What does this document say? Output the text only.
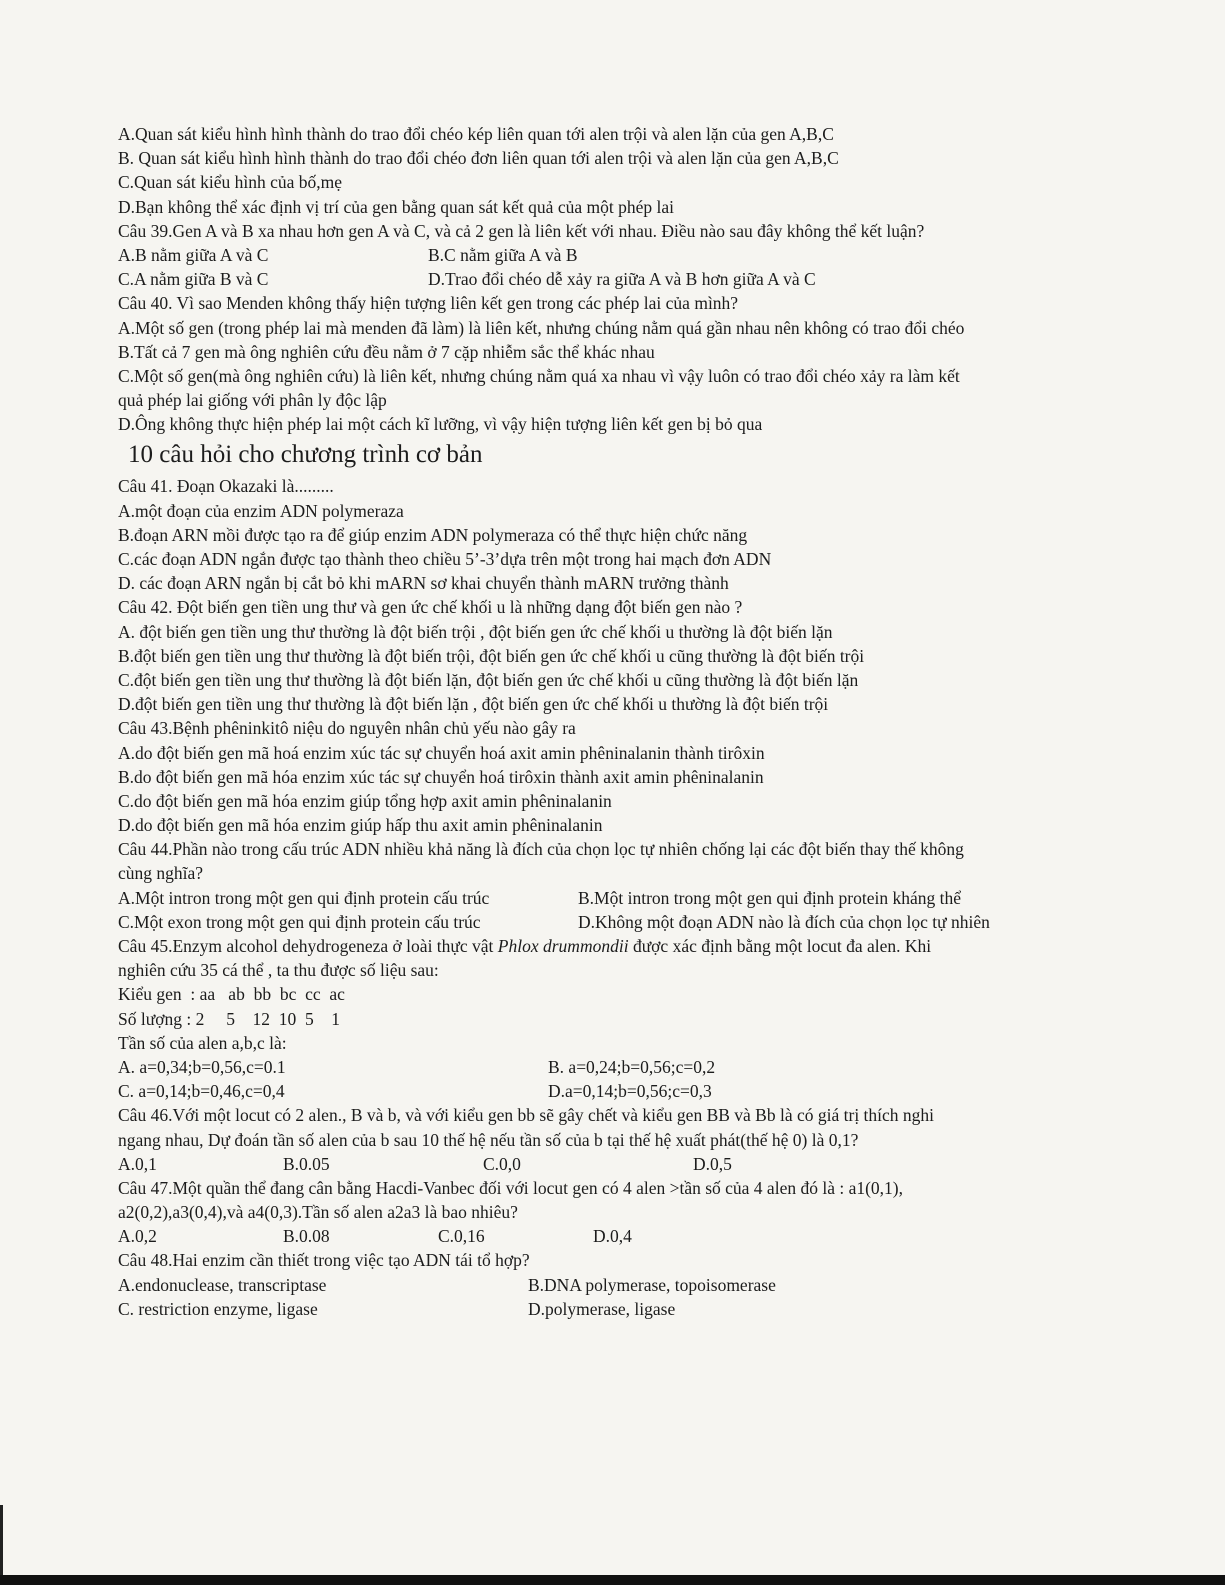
A.Quan sát kiểu hình hình thành do trao đổi chéo kép liên quan tới alen trội và alen lặn của gen A,B,C
B. Quan sát kiểu hình hình thành do trao đổi chéo đơn liên quan tới alen trội và alen lặn của gen A,B,C
C.Quan sát kiểu hình của bố,mẹ
D.Bạn không thể xác định vị trí của gen bằng quan sát kết quả của một phép lai
Câu 39.Gen A và B xa nhau hơn gen A và C, và cả 2 gen là liên kết với nhau. Điều nào sau đây không thể kết luận?
A.B nằm giữa A và C	B.C nằm giữa A và B
C.A nằm giữa B và C	D.Trao đổi chéo dễ xảy ra giữa A và B hơn giữa A và C
Câu 40. Vì sao Menden không thấy hiện tượng liên kết gen trong các phép lai của mình?
A.Một số gen (trong phép lai mà menden đã làm) là liên kết, nhưng chúng nằm quá gần nhau nên không có trao đổi chéo
B.Tất cả 7 gen mà ông nghiên cứu đều nằm ở 7 cặp nhiễm sắc thể khác nhau
C.Một số gen(mà ông nghiên cứu) là liên kết, nhưng chúng nằm quá xa nhau vì vậy luôn có trao đổi chéo xảy ra làm kết
quả phép lai giống với phân ly độc lập
D.Ông không thực hiện phép lai một cách kĩ lưỡng, vì vậy hiện tượng liên kết gen bị bỏ qua
10 câu hỏi cho chương trình cơ bản
Câu 41. Đoạn Okazaki là.........
A.một đoạn của enzim ADN polymeraza
B.đoạn ARN mồi được tạo ra để giúp enzim ADN polymeraza có thể thực hiện chức năng
C.các đoạn ADN ngắn được tạo thành theo chiều 5’-3’dựa trên một trong hai mạch đơn ADN
D. các đoạn ARN ngắn bị cắt bỏ khi mARN sơ khai chuyển thành mARN trưởng thành
Câu 42. Đột biến gen tiền ung thư và gen ức chế khối u là những dạng đột biến gen nào ?
A. đột biến gen tiền ung thư thường là đột biến trội , đột biến gen ức chế khối u thường là đột biến lặn
B.đột biến gen tiền ung thư thường là đột biến trội, đột biến gen ức chế khối u cũng thường là đột biến trội
C.đột biến gen tiền ung thư thường là đột biến lặn, đột biến gen ức chế khối u cũng thường là đột biến lặn
D.đột biến gen tiền ung thư thường là đột biến lặn , đột biến gen ức chế khối u thường là đột biến trội
Câu 43.Bệnh phêninkitô niệu do nguyên nhân chủ yếu nào gây ra
A.do đột biến gen mã hoá enzim xúc tác sự chuyển hoá axit amin phêninalanin thành tirôxin
B.do đột biến gen mã hóa enzim xúc tác sự chuyển hoá tirôxin thành axit amin phêninalanin
C.do đột biến gen mã hóa enzim giúp tổng hợp axit amin phêninalanin
D.do đột biến gen mã hóa enzim giúp hấp thu axit amin phêninalanin
Câu 44.Phần nào trong cấu trúc ADN nhiều khả năng là đích của chọn lọc tự nhiên chống lại các đột biến thay thế không
cùng nghĩa?
A.Một intron trong một gen qui định protein cấu trúc	B.Một intron trong một gen qui định protein kháng thể
C.Một exon trong một gen qui định protein cấu trúc	D.Không một đoạn ADN nào là đích của chọn lọc tự nhiên
Câu 45.Enzym alcohol dehydrogeneza ở loài thực vật Phlox drummondii được xác định bằng một locut đa alen. Khi
nghiên cứu 35 cá thể , ta thu được số liệu sau:
Kiểu gen  : aa   ab  bb  bc  cc  ac
Số lượng : 2     5    12  10  5    1
Tần số của alen a,b,c là:
A. a=0,34;b=0,56,c=0.1	B. a=0,24;b=0,56;c=0,2
C. a=0,14;b=0,46,c=0,4	D.a=0,14;b=0,56;c=0,3
Câu 46.Với một locut có 2 alen., B và b, và với kiểu gen bb sẽ gây chết và kiểu gen BB và Bb là có giá trị thích nghi
ngang nhau, Dự đoán tần số alen của b sau 10 thế hệ nếu tần số của b tại thế hệ xuất phát(thế hệ 0) là 0,1?
A.0,1	B.0.05	C.0,0	D.0,5
Câu 47.Một quần thể đang cân bằng Hacdi-Vanbec đối với locut gen có 4 alen >tần số của 4 alen đó là : a1(0,1),
a2(0,2),a3(0,4),và a4(0,3).Tần số alen a2a3 là bao nhiêu?
A.0,2	B.0.08	C.0,16	D.0,4
Câu 48.Hai enzim cần thiết trong việc tạo ADN tái tổ hợp?
A.endonuclease, transcriptase	B.DNA polymerase, topoisomerase
C. restriction enzyme, ligase	D.polymerase, ligase
